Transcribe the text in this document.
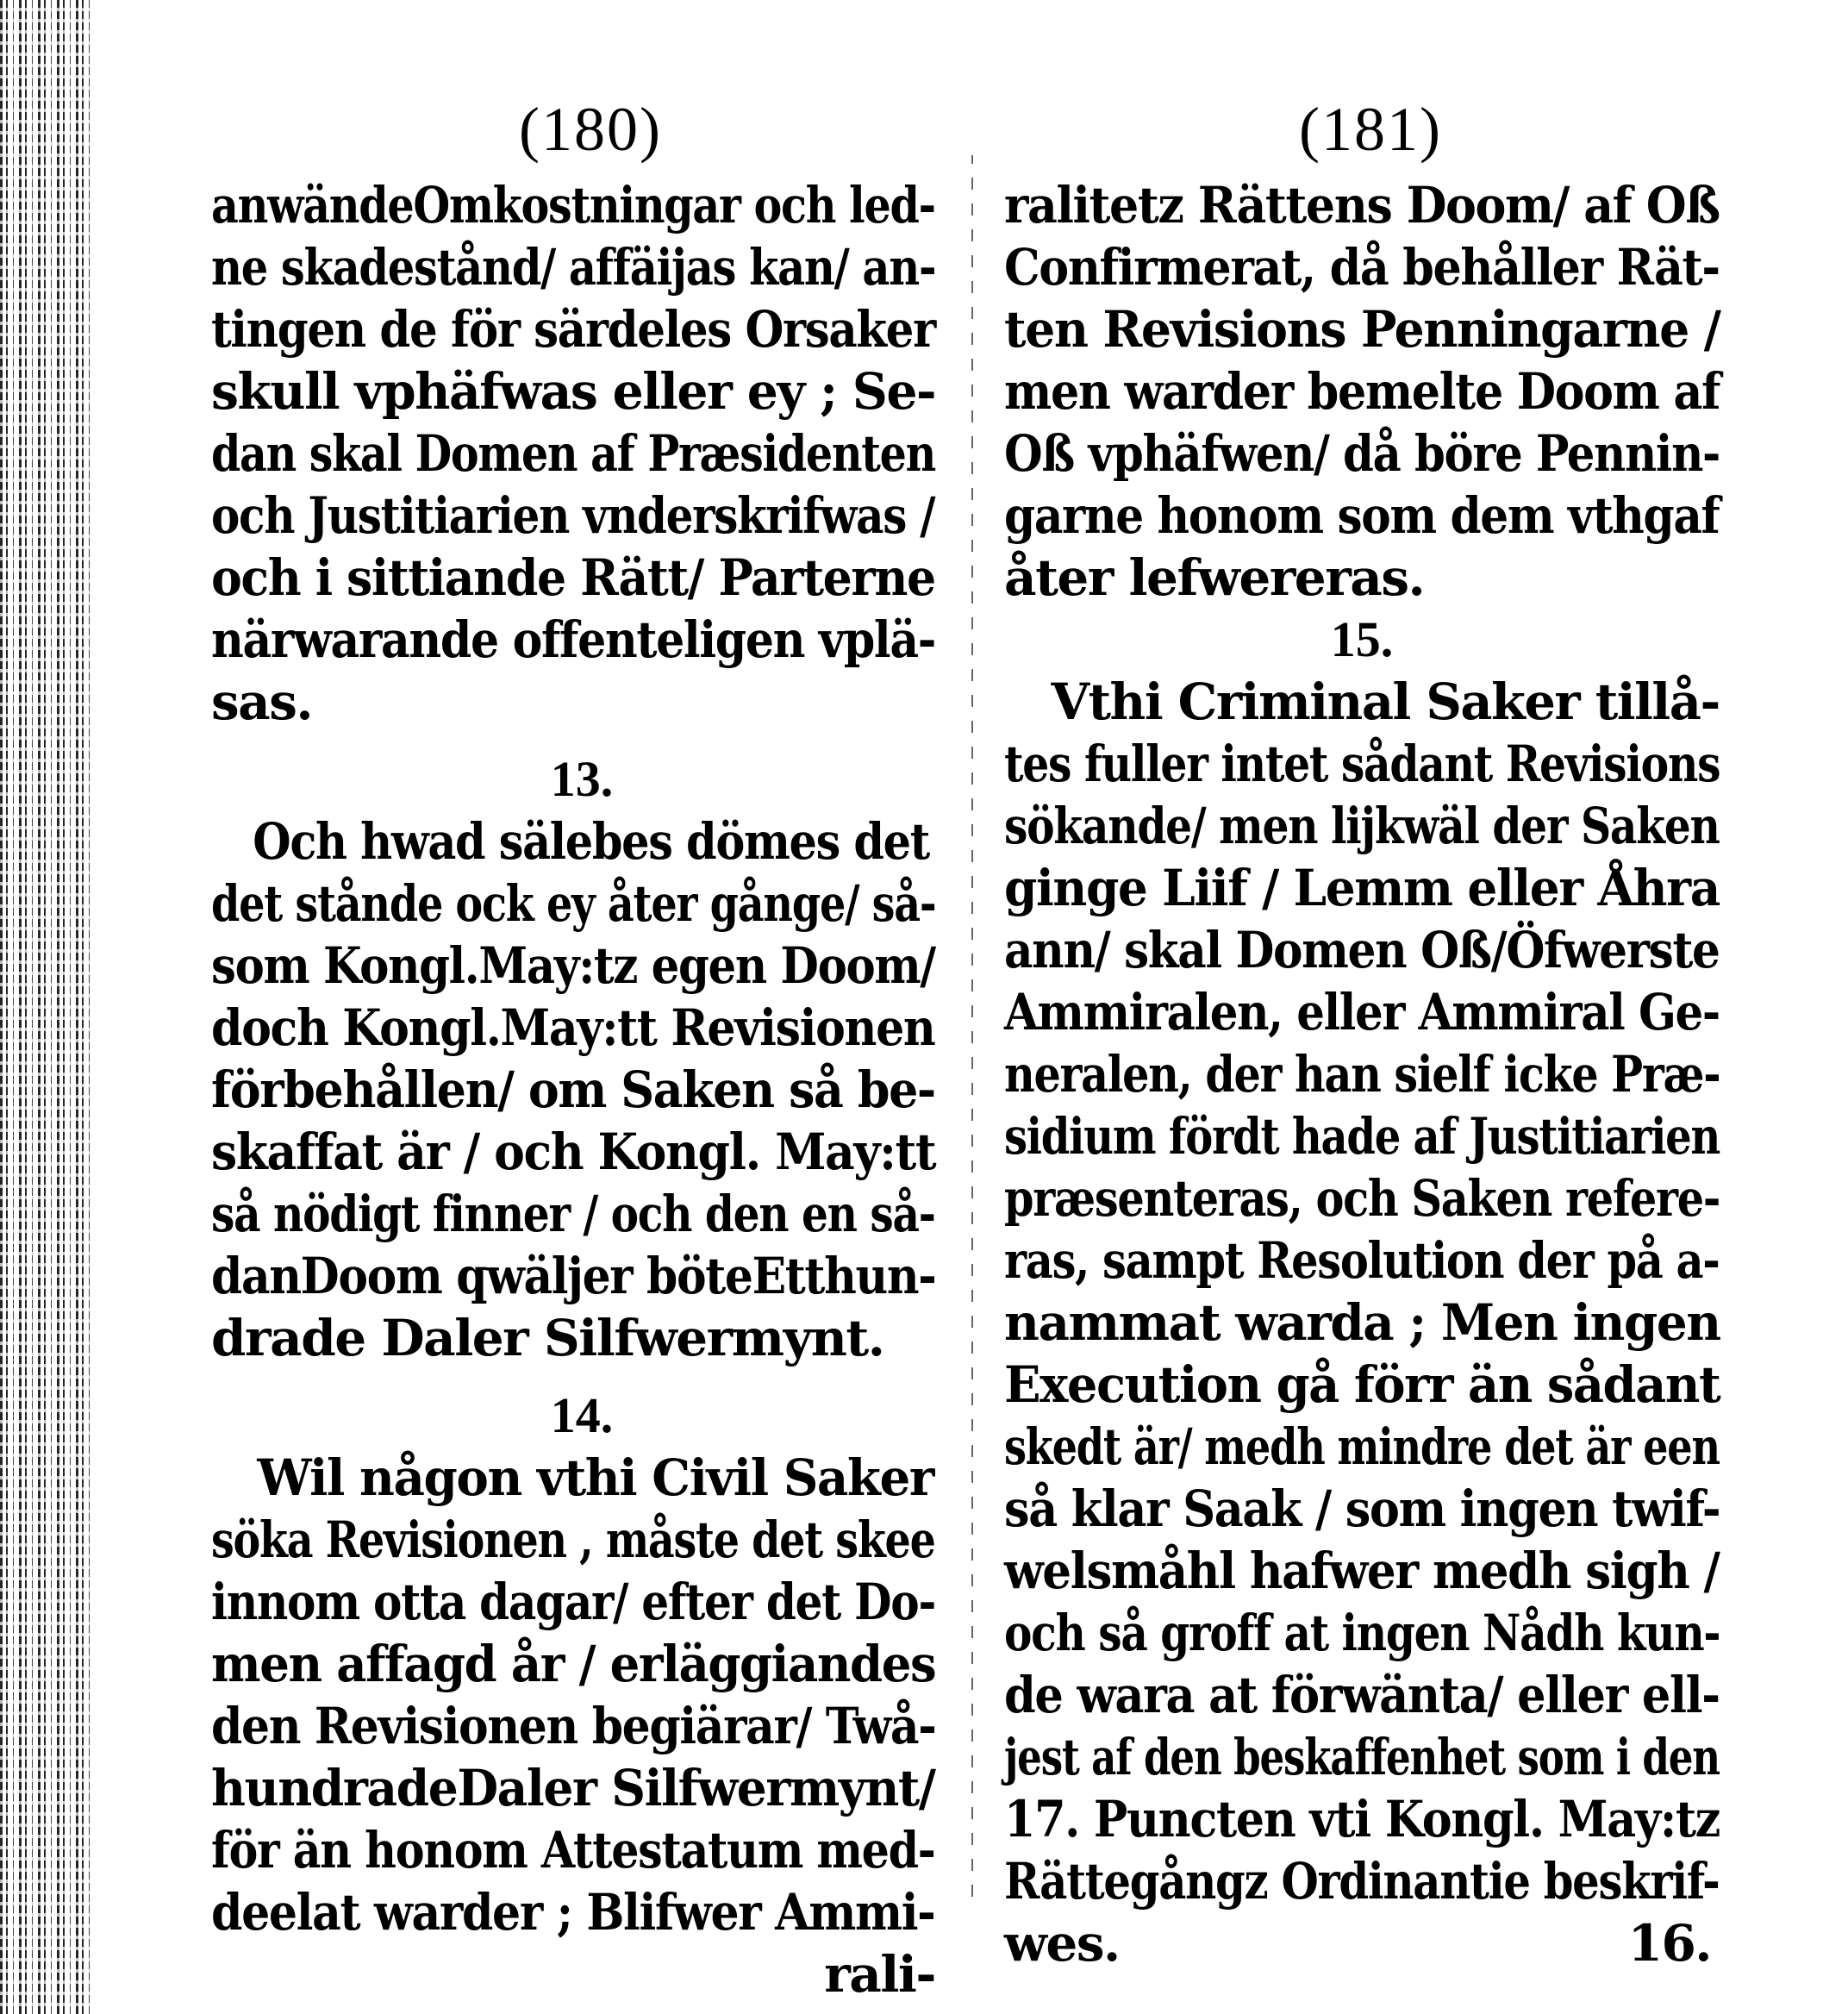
(180)
anwändeOmkostningar och led-
ne skadestånd/ affäijas kan/ an-
tingen de för särdeles Orsaker
skull vphäfwas eller ey ; Se-
dan skal Domen af Præsidenten
och Justitiarien vnderskrifwas /
och i sittiande Rätt/ Parterne
närwarande offenteligen vplä-
sas.
13.
Och hwad sälebes dömes det
det stånde ock ey åter gånge/ så-
som Kongl.May:tz egen Doom/
doch Kongl.May:tt Revisionen
förbehållen/ om Saken så be-
skaffat är / och Kongl. May:tt
så nödigt finner / och den en så-
danDoom qwäljer böteEtthun-
drade Daler Silfwermynt.
14.
Wil någon vthi Civil Saker
söka Revisionen , måste det skee
innom otta dagar/ efter det Do-
men affagd år / erläggiandes
den Revisionen begiärar/ Twå-
hundradeDaler Silfwermynt/
för än honom Attestatum med-
deelat warder ; Blifwer Ammi-
rali-
(181)
ralitetz Rättens Doom/ af Oß
Confirmerat, då behåller Rät-
ten Revisions Penningarne /
men warder bemelte Doom af
Oß vphäfwen/ då böre Pennin-
garne honom som dem vthgaf
åter lefwereras.
15.
Vthi Criminal Saker tillå-
tes fuller intet sådant Revisions
sökande/ men lijkwäl der Saken
ginge Liif / Lemm eller Åhra
ann/ skal Domen Oß/Öfwerste
Ammiralen, eller Ammiral Ge-
neralen, der han sielf icke Præ-
sidium fördt hade af Justitiarien
præsenteras, och Saken refere-
ras, sampt Resolution der på a-
nammat warda ; Men ingen
Execution gå förr än sådant
skedt är/ medh mindre det är een
så klar Saak / som ingen twif-
welsmåhl hafwer medh sigh /
och så groff at ingen Nådh kun-
de wara at förwänta/ eller ell-
jest af den beskaffenhet som i den
17. Puncten vti Kongl. May:tz
Rättegångz Ordinantie beskrif-
wes.	16.
